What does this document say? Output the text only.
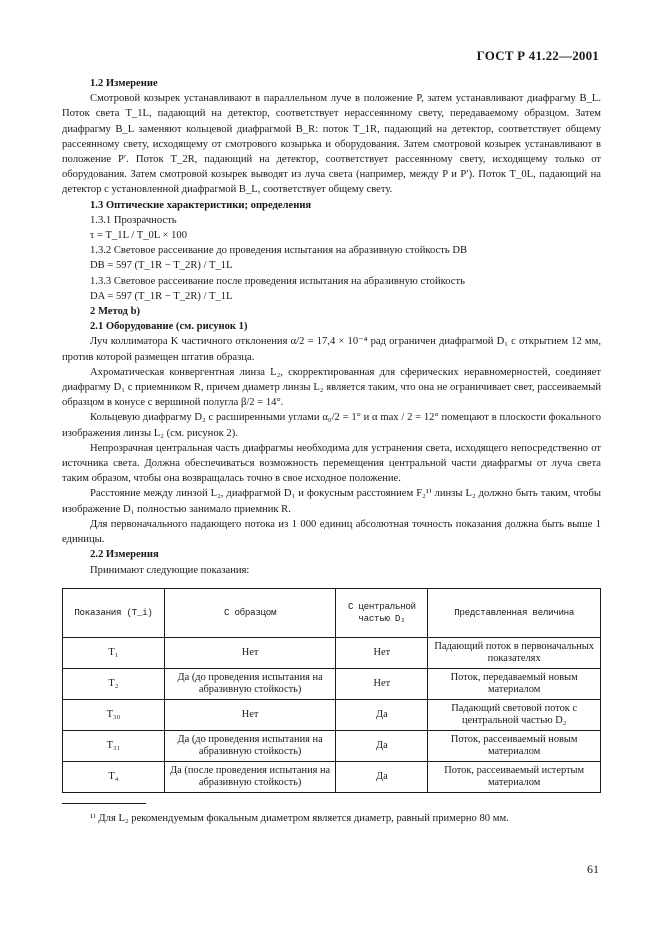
ГОСТ Р 41.22—2001
1.2 Измерение
Смотровой козырек устанавливают в параллельном луче в положение P, затем устанавливают диафрагму B_L. Поток света T_1L, падающий на детектор, соответствует нерассеянному свету, передаваемому образцом. Затем диафрагму B_L заменяют кольцевой диафрагмой B_R: поток T_1R, падающий на детектор, соответствует общему рассеянному свету, исходящему от смотрового козырька и оборудования. Затем смотровой козырек устанавливают в положение P′. Поток T_2R, падающий на детектор, соответствует рассеянному свету, исходящему только от оборудования. Затем смотровой козырек выводят из луча света (например, между P и P′). Поток T_0L, падающий на детектор с установленной диафрагмой B_L, соответствует общему свету.
1.3 Оптические характеристики; определения
1.3.1 Прозрачность
τ = T_1L / T_0L × 100
1.3.2 Световое рассеивание до проведения испытания на абразивную стойкость DB
DB = 597 (T_1R − T_2R) / T_1L
1.3.3 Световое рассеивание после проведения испытания на абразивную стойкость
DA = 597 (T_1R − T_2R) / T_1L
2 Метод b)
2.1 Оборудование (см. рисунок 1)
Луч коллиматора K частичного отклонения α/2 = 17,4 × 10⁻⁴ рад ограничен диафрагмой D₁ с открытием 12 мм, против которой размещен штатив образца.
Ахроматическая конвергентная линза L₂, скорректированная для сферических неравномерностей, соединяет диафрагму D₁ с приемником R, причем диаметр линзы L₂ является таким, что она не ограничивает свет, рассеиваемый образцом в конусе с вершиной полугла β/2 = 14°.
Кольцевую диафрагму D₂ с расширенными углами α₀/2 = 1° и α max / 2 = 12° помещают в плоскости фокального изображения линзы L₂ (см. рисунок 2).
Непрозрачная центральная часть диафрагмы необходима для устранения света, исходящего непосредственно от источника света. Должна обеспечиваться возможность перемещения центральной части диафрагмы от луча света таким образом, чтобы она возвращалась точно в свое исходное положение.
Расстояние между линзой L₂, диафрагмой D₁ и фокусным расстоянием F₂¹⁾ линзы L₂ должно быть таким, чтобы изображение D₁ полностью занимало приемник R.
Для первоначального падающего потока из 1 000 единиц абсолютная точность показания должна быть выше 1 единицы.
2.2 Измерения
Принимают следующие показания:
Показания (T_i)	С образцом	С центральной частью D₂	Представленная величина
T₁	Нет	Нет	Падающий поток в первоначальных показателях
T₂	Да (до проведения испытания на абразивную стойкость)	Нет	Поток, передаваемый новым материалом
T₃₀	Нет	Да	Падающий световой поток с центральной частью D₂
T₃₁	Да (до проведения испытания на абразивную стойкость)	Да	Поток, рассеиваемый новым материалом
T₄	Да (после проведения испытания на абразивную стойкость)	Да	Поток, рассеиваемый истертым материалом
¹⁾ Для L₂ рекомендуемым фокальным диаметром является диаметр, равный примерно 80 мм.
61
